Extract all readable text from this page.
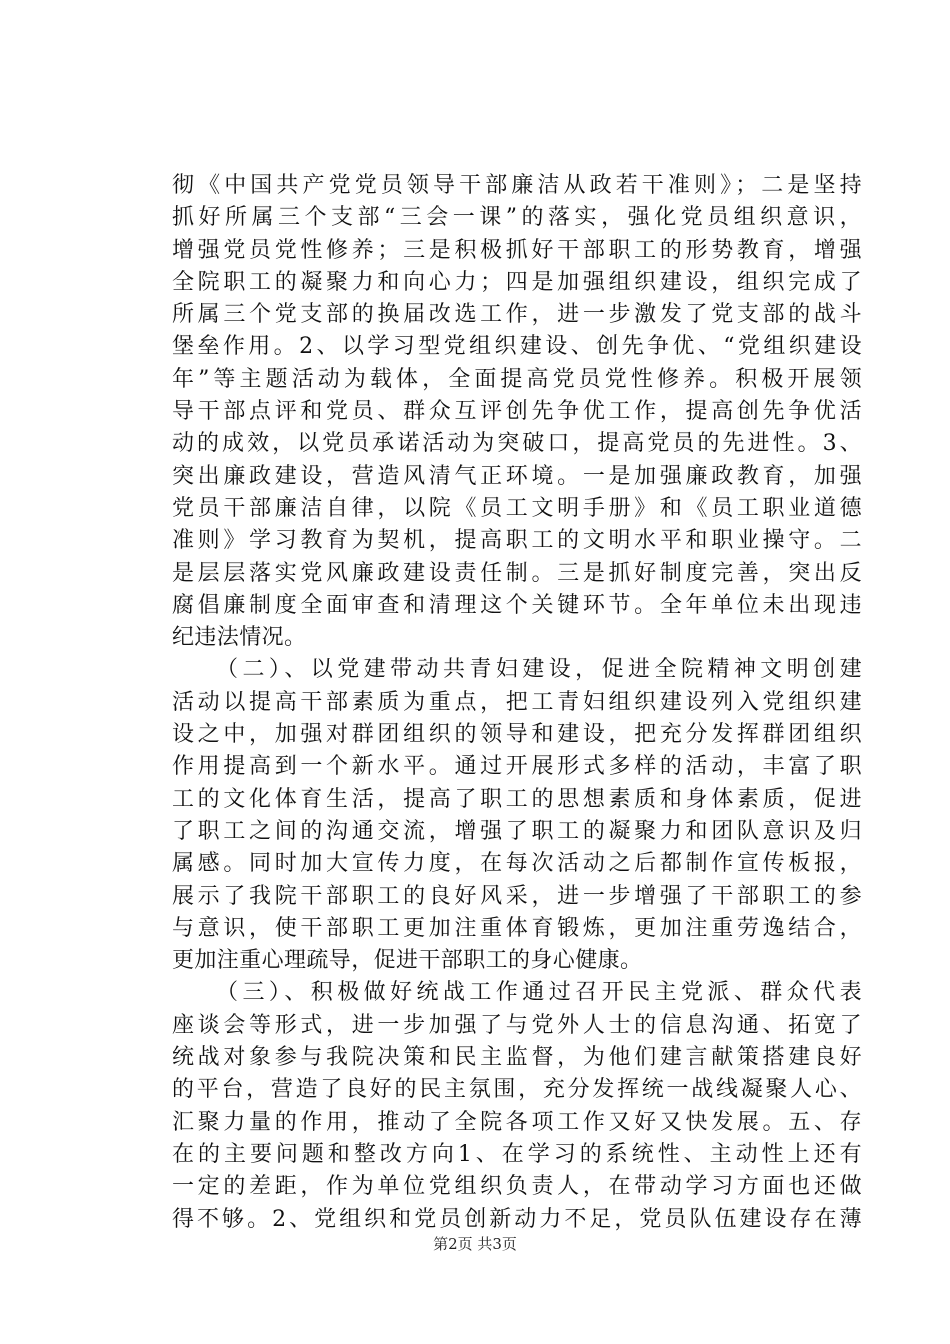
彻《中国共产党党员领导干部廉洁从政若干准则》；二是坚持
抓好所属三个支部“三会一课”的落实，强化党员组织意识，
增强党员党性修养；三是积极抓好干部职工的形势教育，增强
全院职工的凝聚力和向心力；四是加强组织建设，组织完成了
所属三个党支部的换届改选工作，进一步激发了党支部的战斗
堡垒作用。2、以学习型党组织建设、创先争优、“党组织建设
年”等主题活动为载体，全面提高党员党性修养。积极开展领
导干部点评和党员、群众互评创先争优工作，提高创先争优活
动的成效，以党员承诺活动为突破口，提高党员的先进性。3、
突出廉政建设，营造风清气正环境。一是加强廉政教育，加强
党员干部廉洁自律，以院《员工文明手册》和《员工职业道德
准则》学习教育为契机，提高职工的文明水平和职业操守。二
是层层落实党风廉政建设责任制。三是抓好制度完善，突出反
腐倡廉制度全面审查和清理这个关键环节。全年单位未出现违
纪违法情况。
（二）、以党建带动共青妇建设，促进全院精神文明创建
活动以提高干部素质为重点，把工青妇组织建设列入党组织建
设之中，加强对群团组织的领导和建设，把充分发挥群团组织
作用提高到一个新水平。通过开展形式多样的活动，丰富了职
工的文化体育生活，提高了职工的思想素质和身体素质，促进
了职工之间的沟通交流，增强了职工的凝聚力和团队意识及归
属感。同时加大宣传力度，在每次活动之后都制作宣传板报，
展示了我院干部职工的良好风采，进一步增强了干部职工的参
与意识，使干部职工更加注重体育锻炼，更加注重劳逸结合，
更加注重心理疏导，促进干部职工的身心健康。
（三）、积极做好统战工作通过召开民主党派、群众代表
座谈会等形式，进一步加强了与党外人士的信息沟通、拓宽了
统战对象参与我院决策和民主监督，为他们建言献策搭建良好
的平台，营造了良好的民主氛围，充分发挥统一战线凝聚人心、
汇聚力量的作用，推动了全院各项工作又好又快发展。五、存
在的主要问题和整改方向1、在学习的系统性、主动性上还有
一定的差距，作为单位党组织负责人，在带动学习方面也还做
得不够。2、党组织和党员创新动力不足，党员队伍建设存在薄
第2页 共3页
